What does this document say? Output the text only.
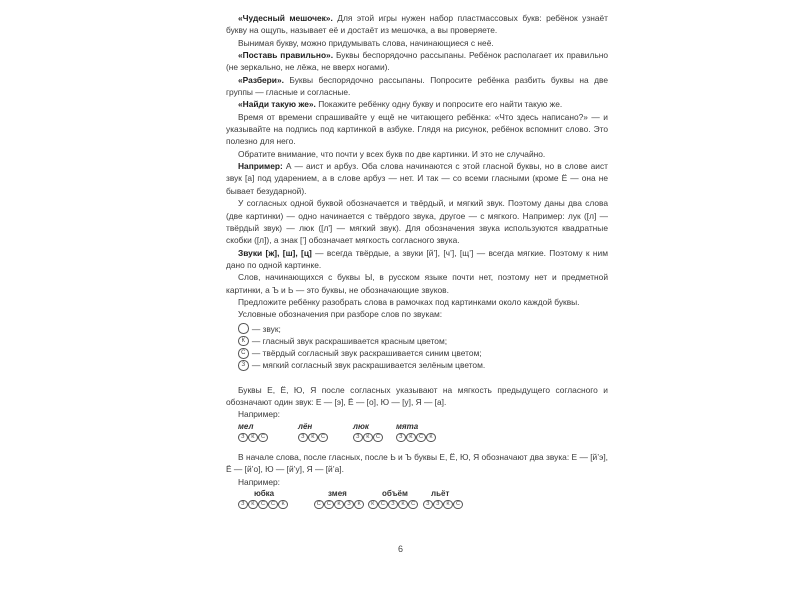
«Чудесный мешочек». Для этой игры нужен набор пластмассовых букв: ребёнок узнаёт букву на ощупь, называет её и достаёт из мешочка, а вы проверяете.

Вынимая букву, можно придумывать слова, начинающиеся с неё.

«Поставь правильно». Буквы беспорядочно рассыпаны. Ребёнок располагает их правильно (не зеркально, не лёжа, не вверх ногами).

«Разбери». Буквы беспорядочно рассыпаны. Попросите ребёнка разбить буквы на две группы — гласные и согласные.

«Найди такую же». Покажите ребёнку одну букву и попросите его найти такую же.

Время от времени спрашивайте у ещё не читающего ребёнка: «Что здесь написано?» — и указывайте на подпись под картинкой в азбуке. Глядя на рисунок, ребёнок вспомнит слово. Это полезно для него.

Обратите внимание, что почти у всех букв по две картинки. И это не случайно.

Например: А — аист и арбуз. Оба слова начинаются с этой гласной буквы, но в слове аист звук [а] под ударением, а в слове арбуз — нет. И так — со всеми гласными (кроме Ё — она не бывает безударной).

У согласных одной буквой обозначается и твёрдый, и мягкий звук. Поэтому даны два слова (две картинки) — одно начинается с твёрдого звука, другое — с мягкого. Например: лук ([л] — твёрдый звук) — люк ([л'] — мягкий звук). Для обозначения звука используются квадратные скобки ([л]), а знак [’] обозначает мягкость согласного звука.

Звуки [ж], [ш], [ц] — всегда твёрдые, а звуки [й’], [ч’], [щ’] — всегда мягкие. Поэтому к ним дано по одной картинке.

Слов, начинающихся с буквы Ы, в русском языке почти нет, поэтому нет и предметной картинки, а Ъ и Ь — это буквы, не обозначающие звуков.

Предложите ребёнку разобрать слова в рамочках под картинками около каждой буквы.

Условные обозначения при разборе слов по звукам:

— звук;
К
— гласный звук раскрашивается красным цветом;
С
— твёрдый согласный звук раскрашивается синим цветом;
З
— мягкий согласный звук раскрашивается зелёным цветом.

Буквы Е, Ё, Ю, Я после согласных указывают на мягкость предыдущего согласного и обозначают один звук: Е — [э], Ё — [о], Ю — [у], Я — [а].

Например:

мел
З	К	С
лён
З	К	С
люк
З	К	С
мята
З	К	С	К

В начале слова, после гласных, после Ь и Ъ буквы Е, Ё, Ю, Я обозначают два звука: Е — [й’э], Ё — [й’о], Ю — [й’у], Я — [й’а].

Например:

юбка
З	К	С	С	К
змея
С	С	К	З	К
объём
К	С	З	К	С
льёт
З	З	К	С
6
